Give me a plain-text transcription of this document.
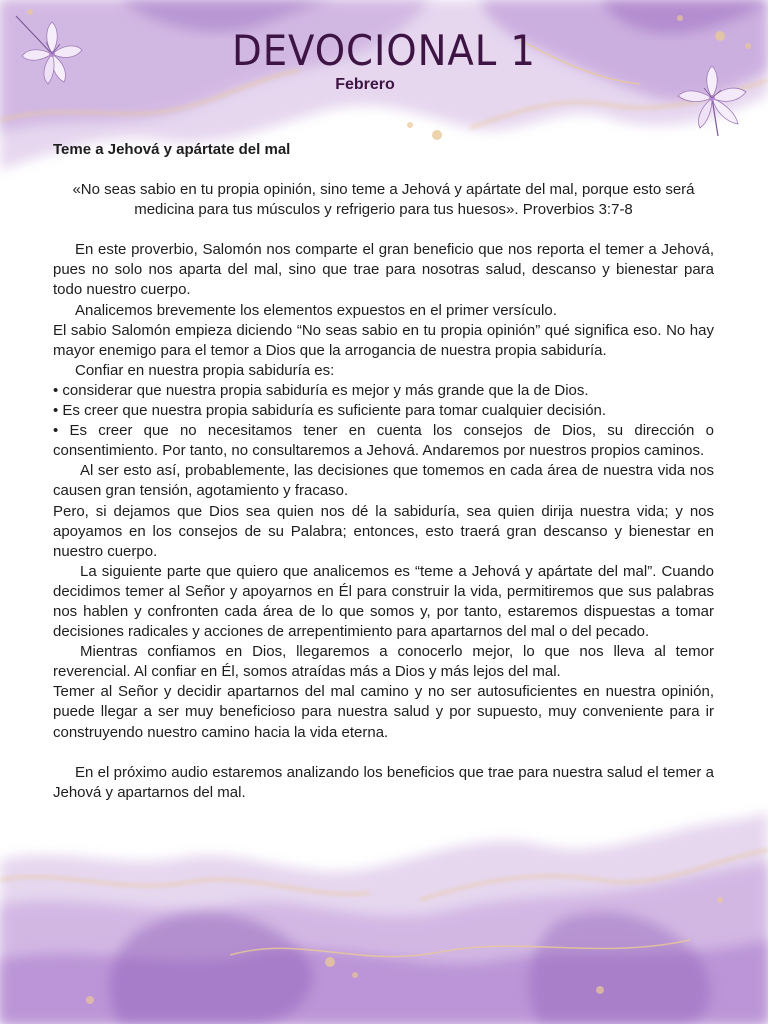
DEVOCIONAL 1
Febrero
Teme a Jehová y apártate del mal
«No seas sabio en tu propia opinión, sino teme a Jehová y apártate del mal, porque esto será medicina para tus músculos y refrigerio para tus huesos». Proverbios 3:7-8

En este proverbio, Salomón nos comparte el gran beneficio que nos reporta el temer a Jehová, pues no solo nos aparta del mal, sino que trae para nosotras salud, descanso y bienestar para todo nuestro cuerpo.

Analicemos brevemente los elementos expuestos en el primer versículo.

El sabio Salomón empieza diciendo “No seas sabio en tu propia opinión” qué significa eso. No hay mayor enemigo para el temor a Dios que la arrogancia de nuestra propia sabiduría.

Confiar en nuestra propia sabiduría es:

• considerar que nuestra propia sabiduría es mejor y más grande que la de Dios.

• Es creer que nuestra propia sabiduría es suficiente para tomar cualquier decisión.

• Es creer que no necesitamos tener en cuenta los consejos de Dios, su dirección o consentimiento. Por tanto, no consultaremos a Jehová. Andaremos por nuestros propios caminos.

Al ser esto así, probablemente, las decisiones que tomemos en cada área de nuestra vida nos causen gran tensión, agotamiento y fracaso.

Pero, si dejamos que Dios sea quien nos dé la sabiduría, sea quien dirija nuestra vida; y nos apoyamos en los consejos de su Palabra; entonces, esto traerá gran descanso y bienestar en nuestro cuerpo.

La siguiente parte que quiero que analicemos es “teme a Jehová y apártate del mal”. Cuando decidimos temer al Señor y apoyarnos en Él para construir la vida, permitiremos que sus palabras nos hablen y confronten cada área de lo que somos y, por tanto, estaremos dispuestas a tomar decisiones radicales y acciones de arrepentimiento para apartarnos del mal o del pecado.

Mientras confiamos en Dios, llegaremos a conocerlo mejor, lo que nos lleva al temor reverencial. Al confiar en Él, somos atraídas más a Dios y más lejos del mal.

Temer al Señor y decidir apartarnos del mal camino y no ser autosuficientes en nuestra opinión, puede llegar a ser muy beneficioso para nuestra salud y por supuesto, muy conveniente para ir construyendo nuestro camino hacia la vida eterna.

En el próximo audio estaremos analizando los beneficios que trae para nuestra salud el temer a Jehová y apartarnos del mal.
